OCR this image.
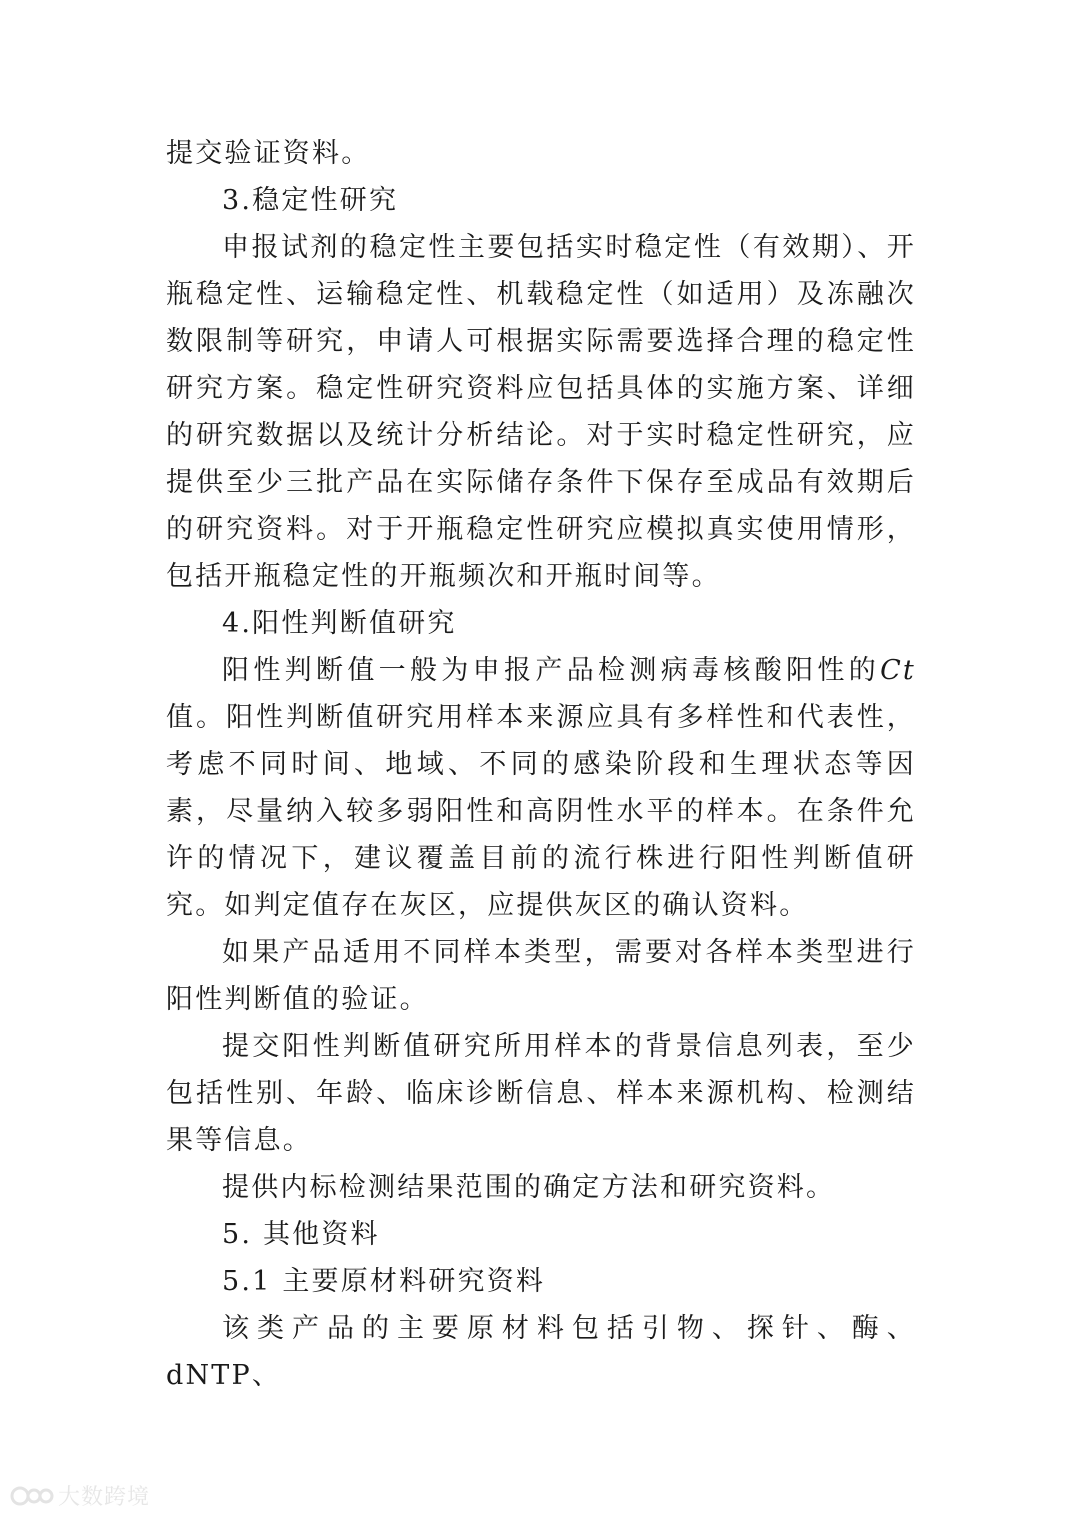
提交验证资料。

3.稳定性研究

申报试剂的稳定性主要包括实时稳定性（有效期）、开瓶稳定性、运输稳定性、机载稳定性（如适用）及冻融次数限制等研究，申请人可根据实际需要选择合理的稳定性研究方案。稳定性研究资料应包括具体的实施方案、详细的研究数据以及统计分析结论。对于实时稳定性研究，应提供至少三批产品在实际储存条件下保存至成品有效期后的研究资料。对于开瓶稳定性研究应模拟真实使用情形，包括开瓶稳定性的开瓶频次和开瓶时间等。

4.阳性判断值研究

阳性判断值一般为申报产品检测病毒核酸阳性的Ct值。阳性判断值研究用样本来源应具有多样性和代表性，考虑不同时间、地域、不同的感染阶段和生理状态等因素，尽量纳入较多弱阳性和高阴性水平的样本。在条件允许的情况下，建议覆盖目前的流行株进行阳性判断值研究。如判定值存在灰区，应提供灰区的确认资料。

如果产品适用不同样本类型，需要对各样本类型进行阳性判断值的验证。

提交阳性判断值研究所用样本的背景信息列表，至少包括性别、年龄、临床诊断信息、样本来源机构、检测结果等信息。

提供内标检测结果范围的确定方法和研究资料。

5. 其他资料

5.1 主要原材料研究资料

该类产品的主要原材料包括引物、探针、酶、dNTP、

大数跨境
